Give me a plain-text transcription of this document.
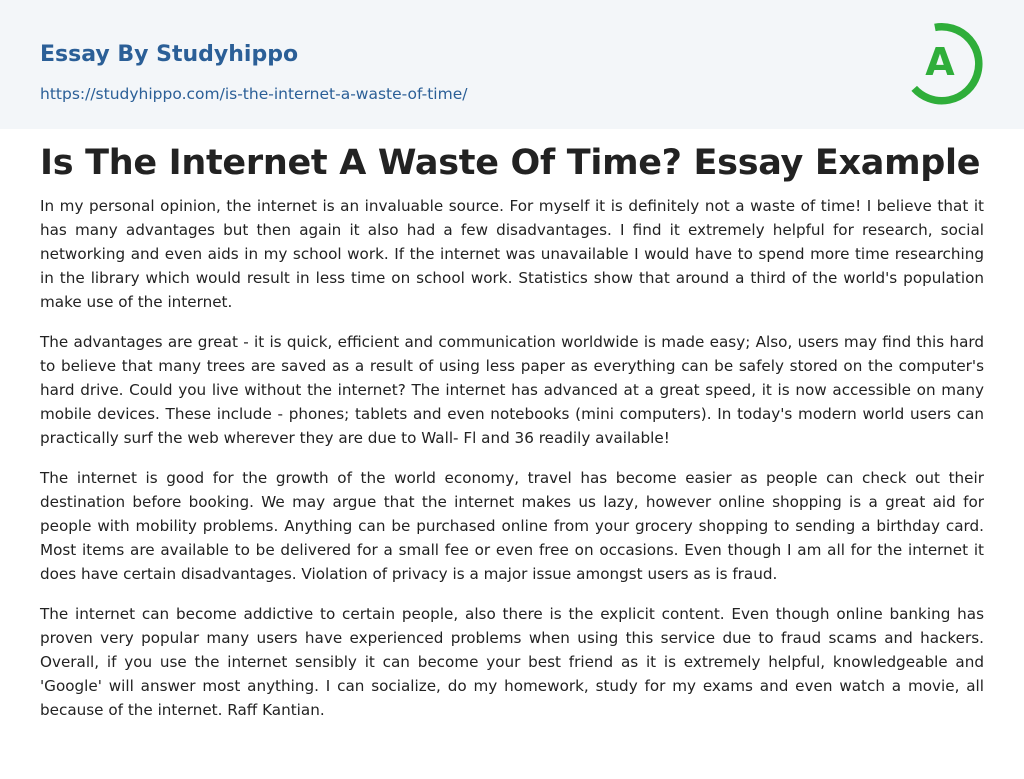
Essay By Studyhippo
https://studyhippo.com/is-the-internet-a-waste-of-time/
A
Is The Internet A Waste Of Time? Essay Example

In my personal opinion, the internet is an invaluable source. For myself it is definitely not a waste of time! I believe that it has many advantages but then again it also had a few disadvantages. I find it extremely helpful for research, social networking and even aids in my school work. If the internet was unavailable I would have to spend more time researching in the library which would result in less time on school work. Statistics show that around a third of the world's population make use of the internet.

The advantages are great - it is quick, efficient and communication worldwide is made easy; Also, users may find this hard to believe that many trees are saved as a result of using less paper as everything can be safely stored on the computer's hard drive. Could you live without the internet? The internet has advanced at a great speed, it is now accessible on many mobile devices. These include - phones; tablets and even notebooks (mini computers). In today's modern world users can practically surf the web wherever they are due to Wall- Fl and 36 readily available!

The internet is good for the growth of the world economy, travel has become easier as people can check out their destination before booking. We may argue that the internet makes us lazy, however online shopping is a great aid for people with mobility problems. Anything can be purchased online from your grocery shopping to sending a birthday card. Most items are available to be delivered for a small fee or even free on occasions. Even though I am all for the internet it does have certain disadvantages. Violation of privacy is a major issue amongst users as is fraud.

The internet can become addictive to certain people, also there is the explicit content. Even though online banking has proven very popular many users have experienced problems when using this service due to fraud scams and hackers. Overall, if you use the internet sensibly it can become your best friend as it is extremely helpful, knowledgeable and 'Google' will answer most anything. I can socialize, do my homework, study for my exams and even watch a movie, all because of the internet. Raff Kantian.
